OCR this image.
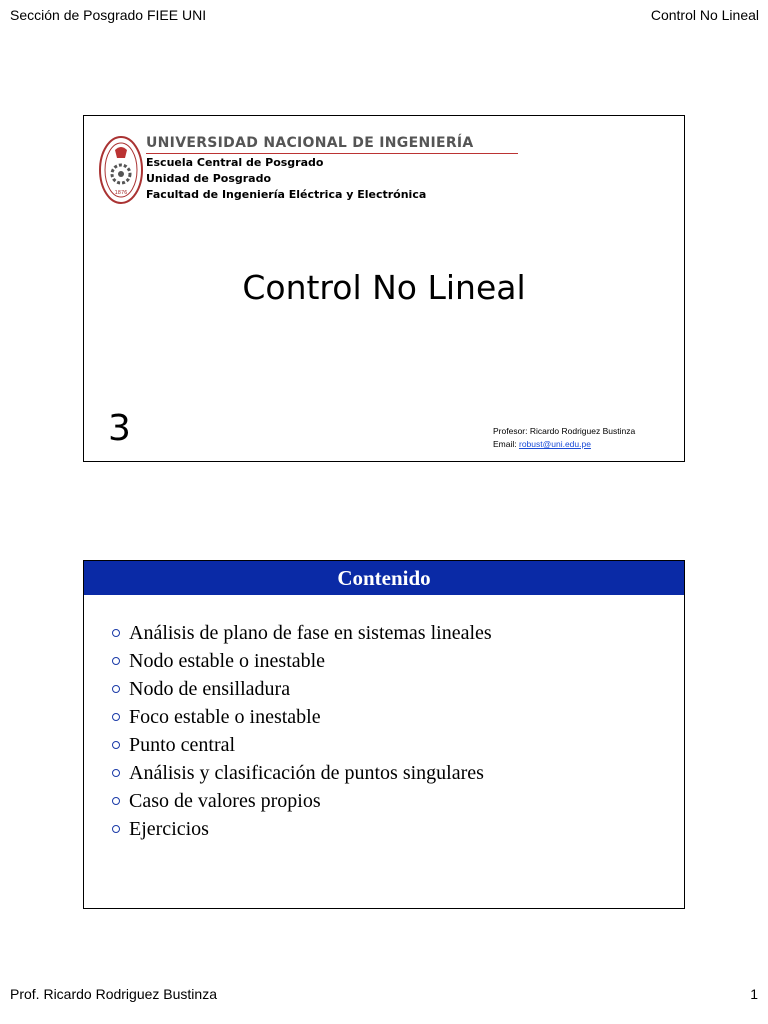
Sección de Posgrado FIEE UNI	Control No Lineal
1876
UNIVERSIDAD NACIONAL DE INGENIERÍA
Escuela Central de Posgrado
Unidad de Posgrado
Facultad de Ingeniería Eléctrica y Electrónica
Control No Lineal
3	Profesor: Ricardo Rodriguez Bustinza
Email: robust@uni.edu.pe
Contenido
Análisis de plano de fase en sistemas lineales
Nodo estable o inestable
Nodo de ensilladura
Foco estable o inestable
Punto central
Análisis y clasificación de puntos singulares
Caso de valores propios
Ejercicios
Prof. Ricardo Rodriguez Bustinza	1
